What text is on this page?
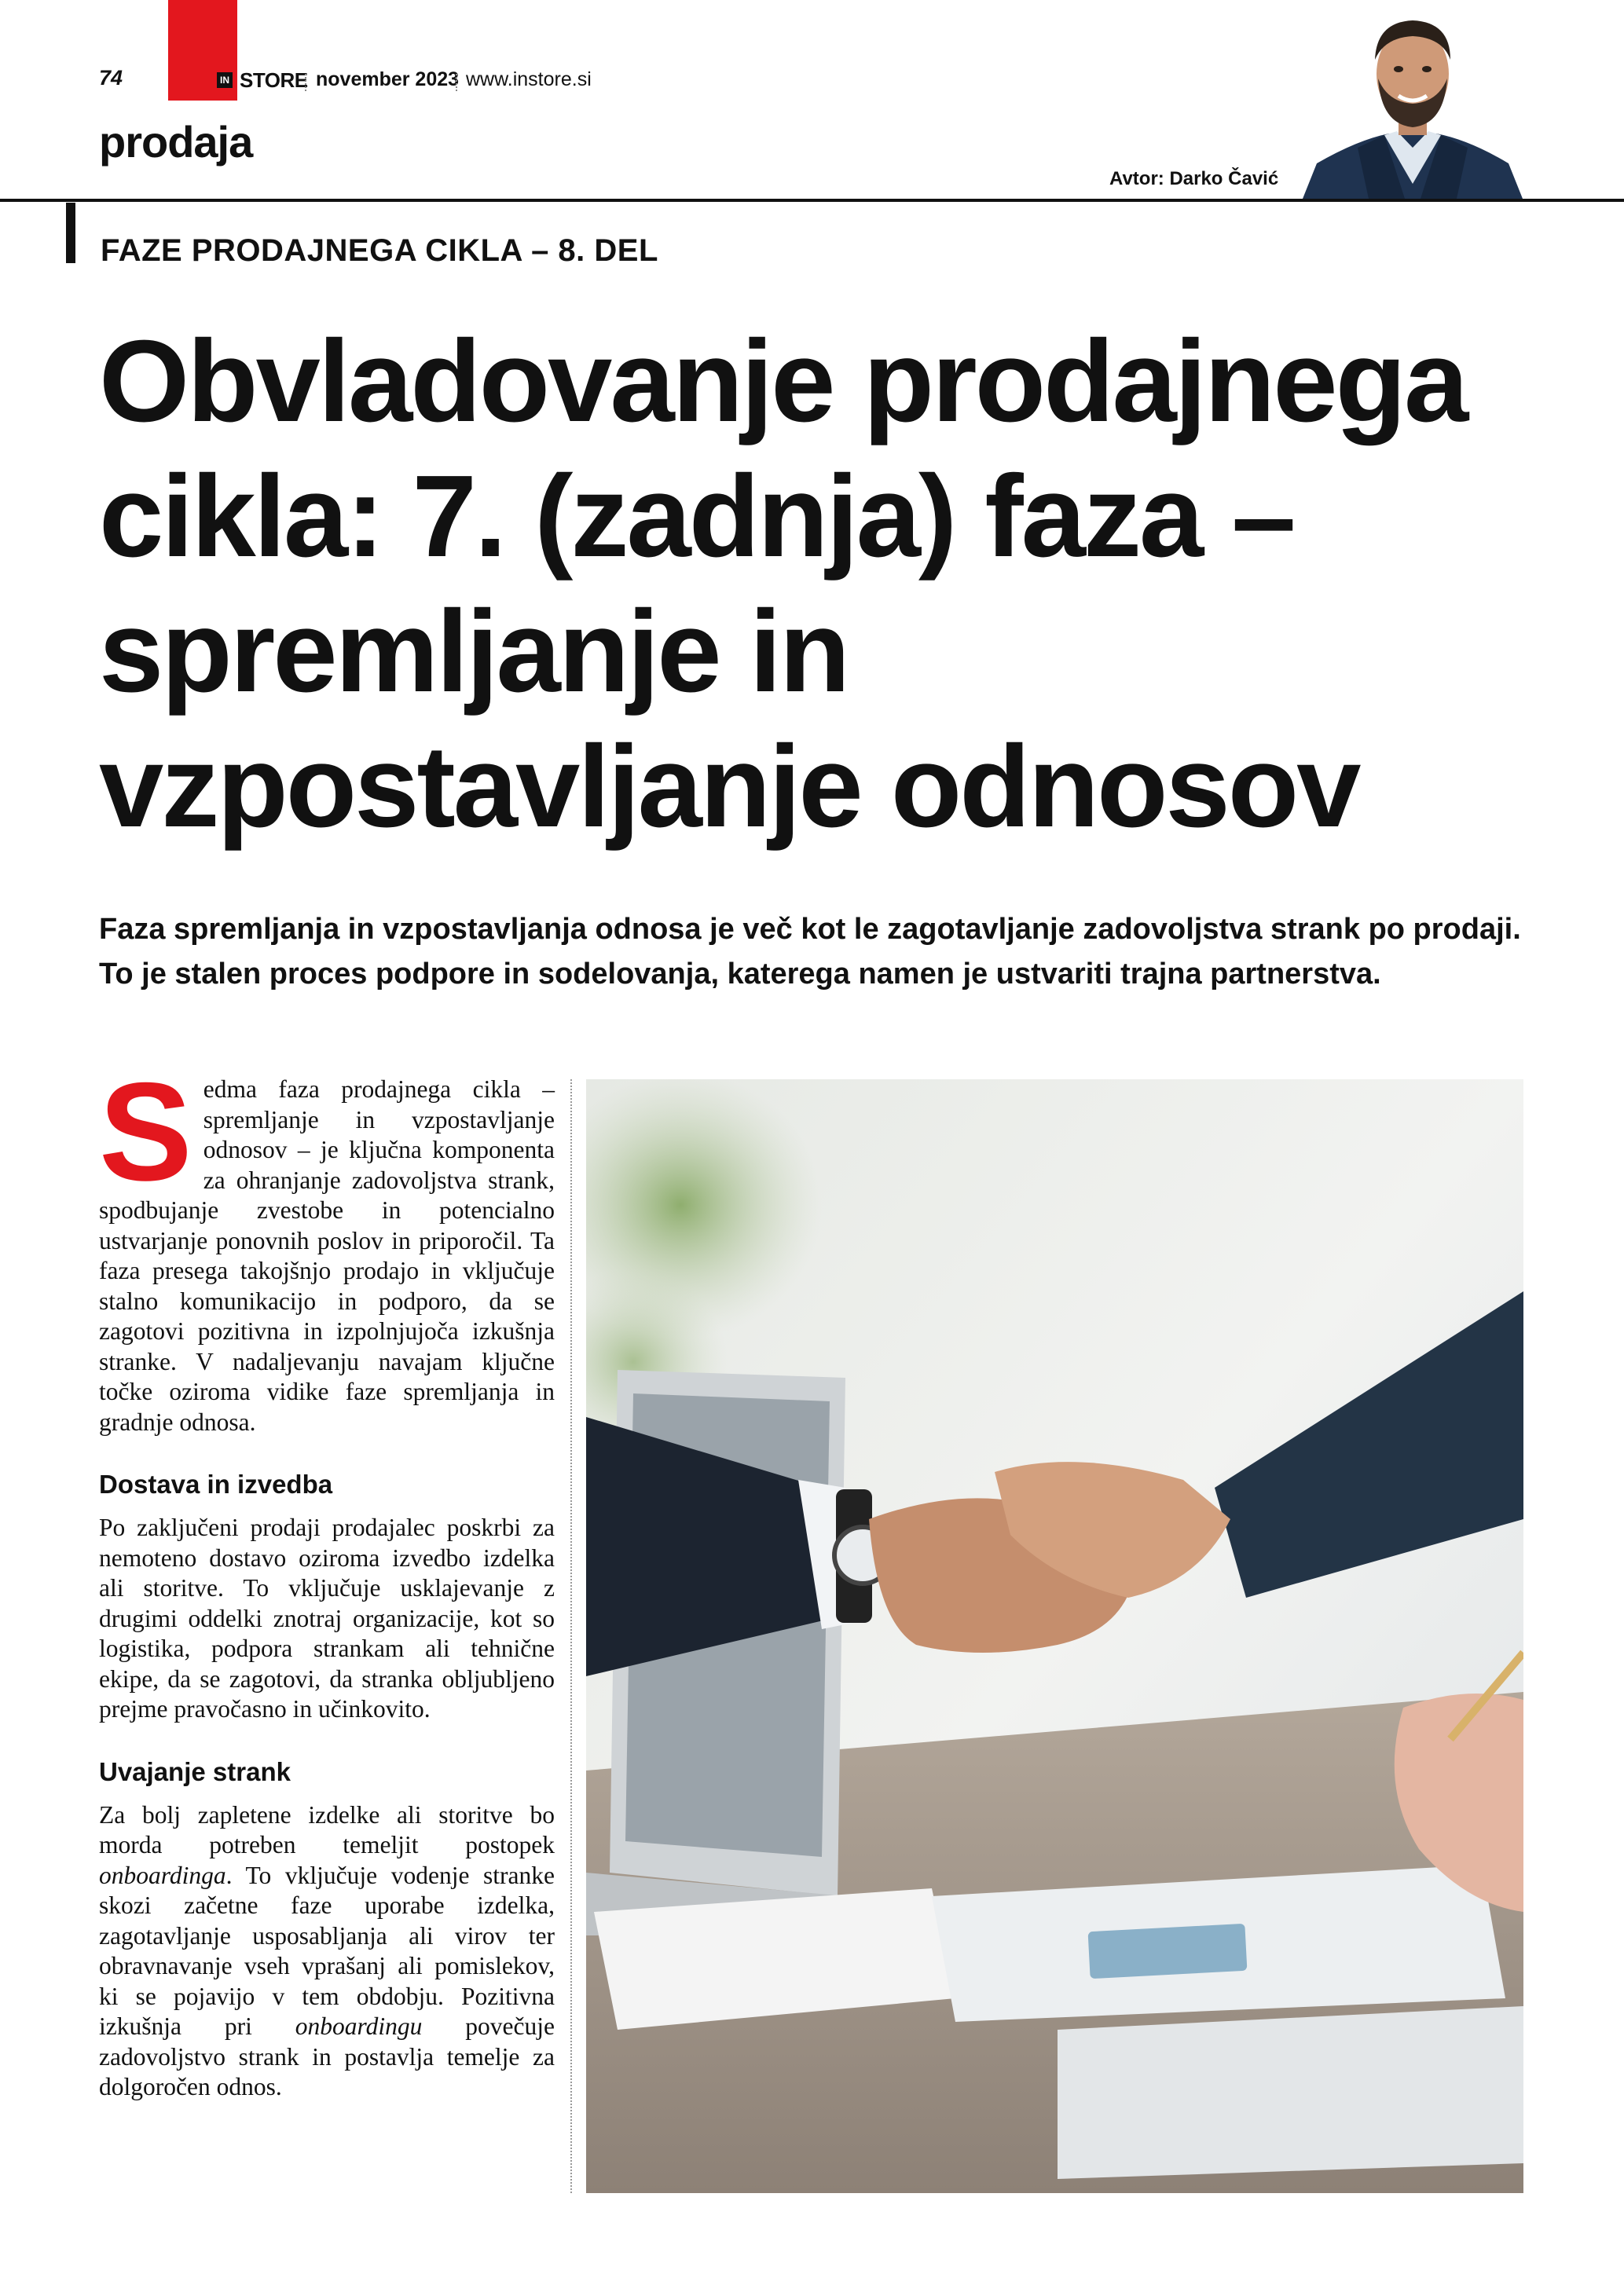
74	IN STORE november 2023 www.instore.si
prodaja
Avtor: Darko Čavić
FAZE PRODAJNEGA CIKLA – 8. DEL
Obvladovanje prodajnega
cikla: 7. (zadnja) faza –
spremljanje in
vzpostavljanje odnosov
Faza spremljanja in vzpostavljanja odnosa je več kot le zagotavljanje zadovoljstva strank po prodaji.
To je stalen proces podpore in sodelovanja, katerega namen je ustvariti trajna partnerstva.

Sedma faza prodajnega cikla – spremljanje in vzpostavljanje odnosov – je ključna komponenta za ohranjanje zadovoljstva strank, spodbujanje zvestobe in potencialno ustvarjanje ponovnih poslov in priporočil. Ta faza presega takojšnjo prodajo in vključuje stalno komunikacijo in podporo, da se zagotovi pozitivna in izpolnjujoča izkušnja stranke. V nadaljevanju navajam ključne točke oziroma vidike faze spremljanja in gradnje odnosa.

Dostava in izvedba

Po zaključeni prodaji prodajalec poskrbi za nemoteno dostavo oziroma izvedbo izdelka ali storitve. To vključuje usklajevanje z drugimi oddelki znotraj organizacije, kot so logistika, podpora strankam ali tehnične ekipe, da se zagotovi, da stranka obljubljeno prejme pravočasno in učinkovito.

Uvajanje strank

Za bolj zapletene izdelke ali storitve bo morda potreben temeljit postopek onboardinga. To vključuje vodenje stranke skozi začetne faze uporabe izdelka, zagotavljanje usposabljanja ali virov ter obravnavanje vseh vprašanj ali pomislekov, ki se pojavijo v tem obdobju. Pozitivna izkušnja pri onboardingu povečuje zadovoljstvo strank in postavlja temelje za dolgoročen odnos.
